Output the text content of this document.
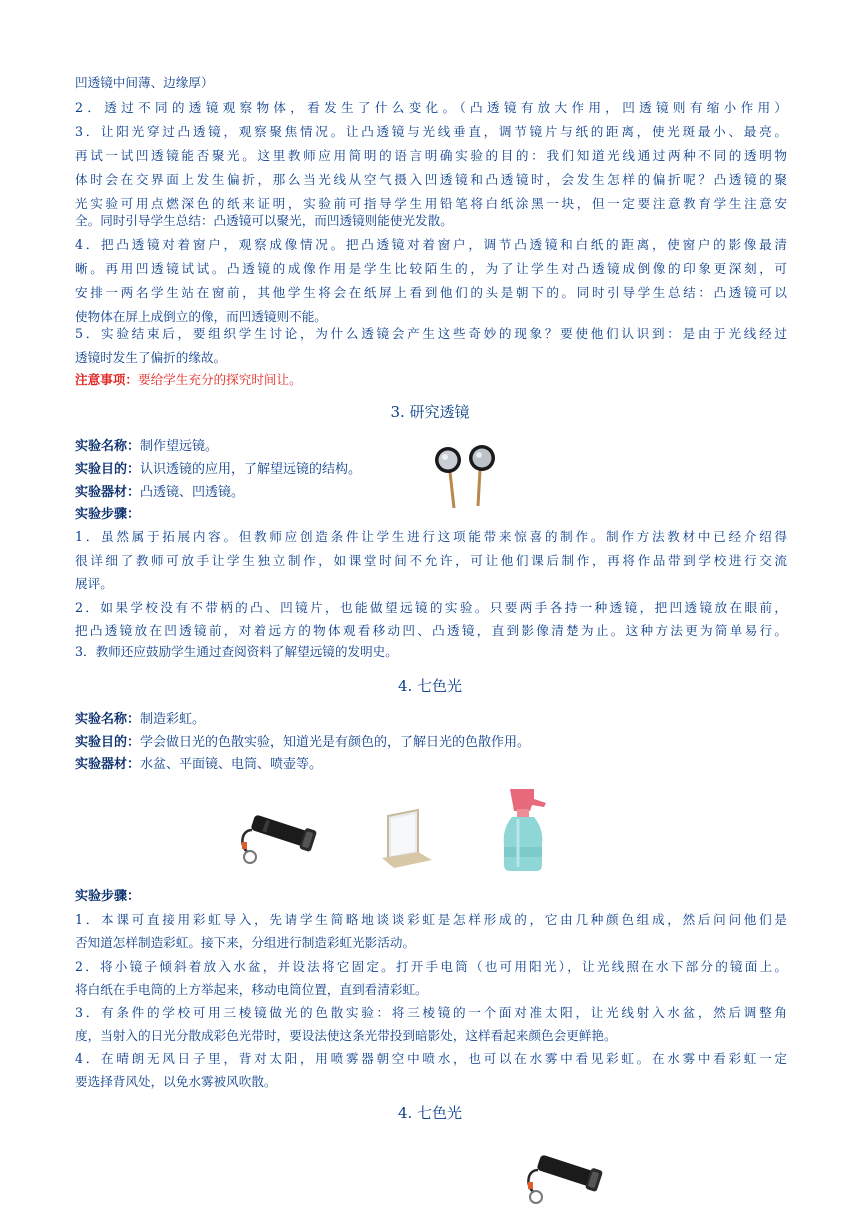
凹透镜中间薄、边缘厚）
2．透过不同的透镜观察物体，看发生了什么变化。（凸透镜有放大作用，凹透镜则有缩小作用）
3．让阳光穿过凸透镜，观察聚焦情况。让凸透镜与光线垂直，调节镜片与纸的距离，使光斑最小、最亮。
再试一试凹透镜能否聚光。这里教师应用简明的语言明确实验的目的：我们知道光线通过两种不同的透明物
体时会在交界面上发生偏折，那么当光线从空气摄入凹透镜和凸透镜时，会发生怎样的偏折呢？凸透镜的聚
光实验可用点燃深色的纸来证明，实验前可指导学生用铅笔将白纸涂黑一块，但一定要注意教育学生注意安
全。同时引导学生总结：凸透镜可以聚光，而凹透镜则能使光发散。
4．把凸透镜对着窗户，观察成像情况。把凸透镜对着窗户，调节凸透镜和白纸的距离，使窗户的影像最清
晰。再用凹透镜试试。凸透镜的成像作用是学生比较陌生的，为了让学生对凸透镜成倒像的印象更深刻，可
安排一两名学生站在窗前，其他学生将会在纸屏上看到他们的头是朝下的。同时引导学生总结：凸透镜可以
使物体在屏上成倒立的像，而凹透镜则不能。
5．实验结束后，要组织学生讨论，为什么透镜会产生这些奇妙的现象？要使他们认识到：是由于光线经过
透镜时发生了偏折的缘故。
注意事项：要给学生充分的探究时间让。
3. 研究透镜
实验名称：制作望远镜。
实验目的：认识透镜的应用，了解望远镜的结构。
实验器材：凸透镜、凹透镜。
实验步骤：
1．虽然属于拓展内容。但教师应创造条件让学生进行这项能带来惊喜的制作。制作方法教材中已经介绍得
很详细了教师可放手让学生独立制作，如课堂时间不允许，可让他们课后制作，再将作品带到学校进行交流
展评。
2．如果学校没有不带柄的凸、凹镜片，也能做望远镜的实验。只要两手各持一种透镜，把凹透镜放在眼前，
把凸透镜放在凹透镜前，对着远方的物体观看移动凹、凸透镜，直到影像清楚为止。这种方法更为简单易行。
3．教师还应鼓励学生通过查阅资料了解望远镜的发明史。
4. 七色光
实验名称：制造彩虹。
实验目的：学会做日光的色散实验，知道光是有颜色的，了解日光的色散作用。
实验器材：水盆、平面镜、电筒、喷壶等。
实验步骤：
1．本课可直接用彩虹导入，先请学生简略地谈谈彩虹是怎样形成的，它由几种颜色组成，然后问问他们是
否知道怎样制造彩虹。接下来，分组进行制造彩虹光影活动。
2．将小镜子倾斜着放入水盆，并设法将它固定。打开手电筒（也可用阳光），让光线照在水下部分的镜面上。
将白纸在手电筒的上方举起来，移动电筒位置，直到看清彩虹。
3．有条件的学校可用三棱镜做光的色散实验：将三棱镜的一个面对准太阳，让光线射入水盆，然后调整角
度，当射入的日光分散成彩色光带时，要设法使这条光带投到暗影处，这样看起来颜色会更鲜艳。
4．在晴朗无风日子里，背对太阳，用喷雾器朝空中喷水，也可以在水雾中看见彩虹。在水雾中看彩虹一定
要选择背风处，以免水雾被风吹散。
4. 七色光
